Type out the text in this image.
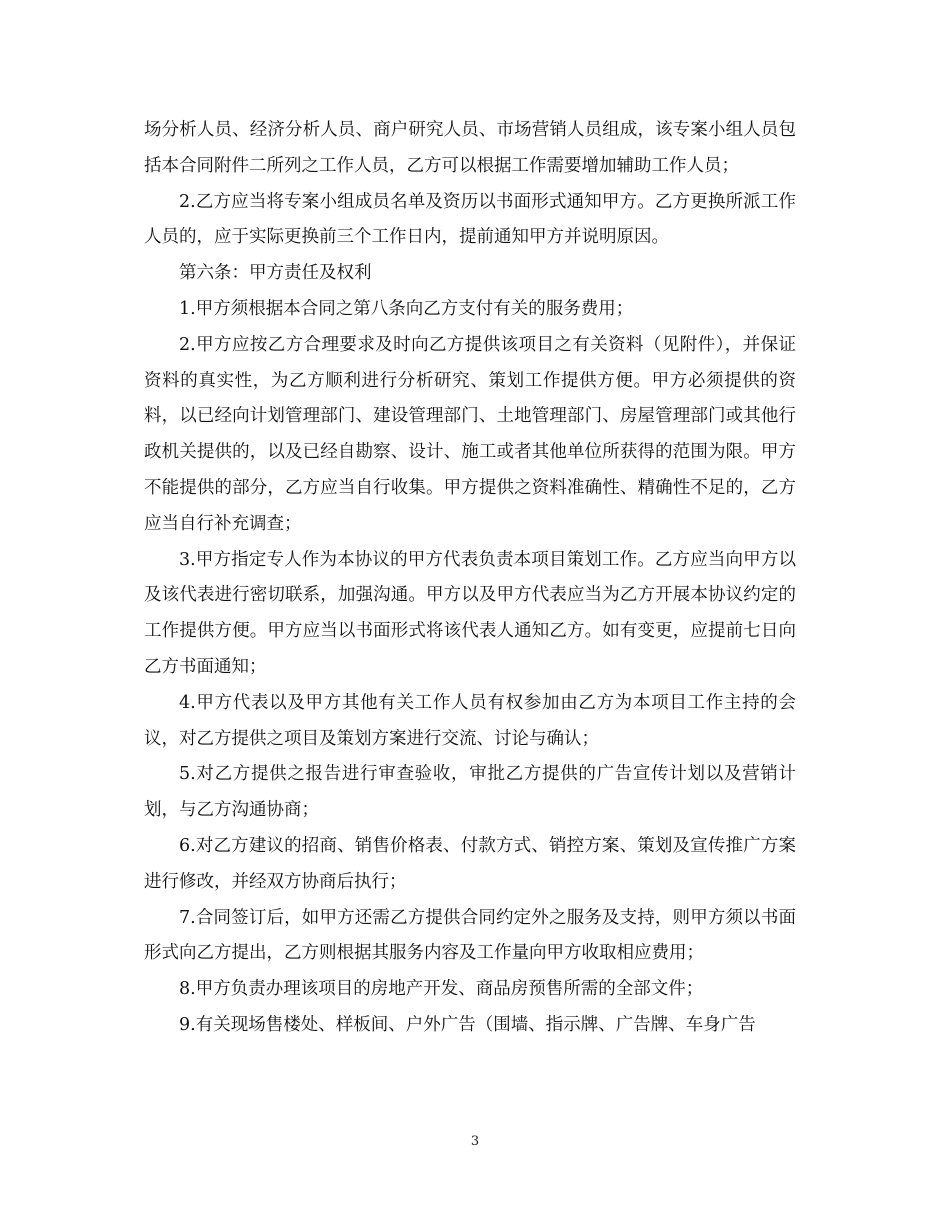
场分析人员、经济分析人员、商户研究人员、市场营销人员组成，该专案小组人员包括本合同附件二所列之工作人员，乙方可以根据工作需要增加辅助工作人员；

2.乙方应当将专案小组成员名单及资历以书面形式通知甲方。乙方更换所派工作人员的，应于实际更换前三个工作日内，提前通知甲方并说明原因。

第六条：甲方责任及权利

1.甲方须根据本合同之第八条向乙方支付有关的服务费用；

2.甲方应按乙方合理要求及时向乙方提供该项目之有关资料（见附件），并保证资料的真实性，为乙方顺利进行分析研究、策划工作提供方便。甲方必须提供的资料，以已经向计划管理部门、建设管理部门、土地管理部门、房屋管理部门或其他行政机关提供的，以及已经自勘察、设计、施工或者其他单位所获得的范围为限。甲方不能提供的部分，乙方应当自行收集。甲方提供之资料准确性、精确性不足的，乙方应当自行补充调查；

3.甲方指定专人作为本协议的甲方代表负责本项目策划工作。乙方应当向甲方以及该代表进行密切联系，加强沟通。甲方以及甲方代表应当为乙方开展本协议约定的工作提供方便。甲方应当以书面形式将该代表人通知乙方。如有变更，应提前七日向乙方书面通知；

4.甲方代表以及甲方其他有关工作人员有权参加由乙方为本项目工作主持的会议，对乙方提供之项目及策划方案进行交流、讨论与确认；

5.对乙方提供之报告进行审查验收，审批乙方提供的广告宣传计划以及营销计划，与乙方沟通协商；

6.对乙方建议的招商、销售价格表、付款方式、销控方案、策划及宣传推广方案进行修改，并经双方协商后执行；

7.合同签订后，如甲方还需乙方提供合同约定外之服务及支持，则甲方须以书面形式向乙方提出，乙方则根据其服务内容及工作量向甲方收取相应费用；

8.甲方负责办理该项目的房地产开发、商品房预售所需的全部文件；

9.有关现场售楼处、样板间、户外广告（围墙、指示牌、广告牌、车身广告

3
